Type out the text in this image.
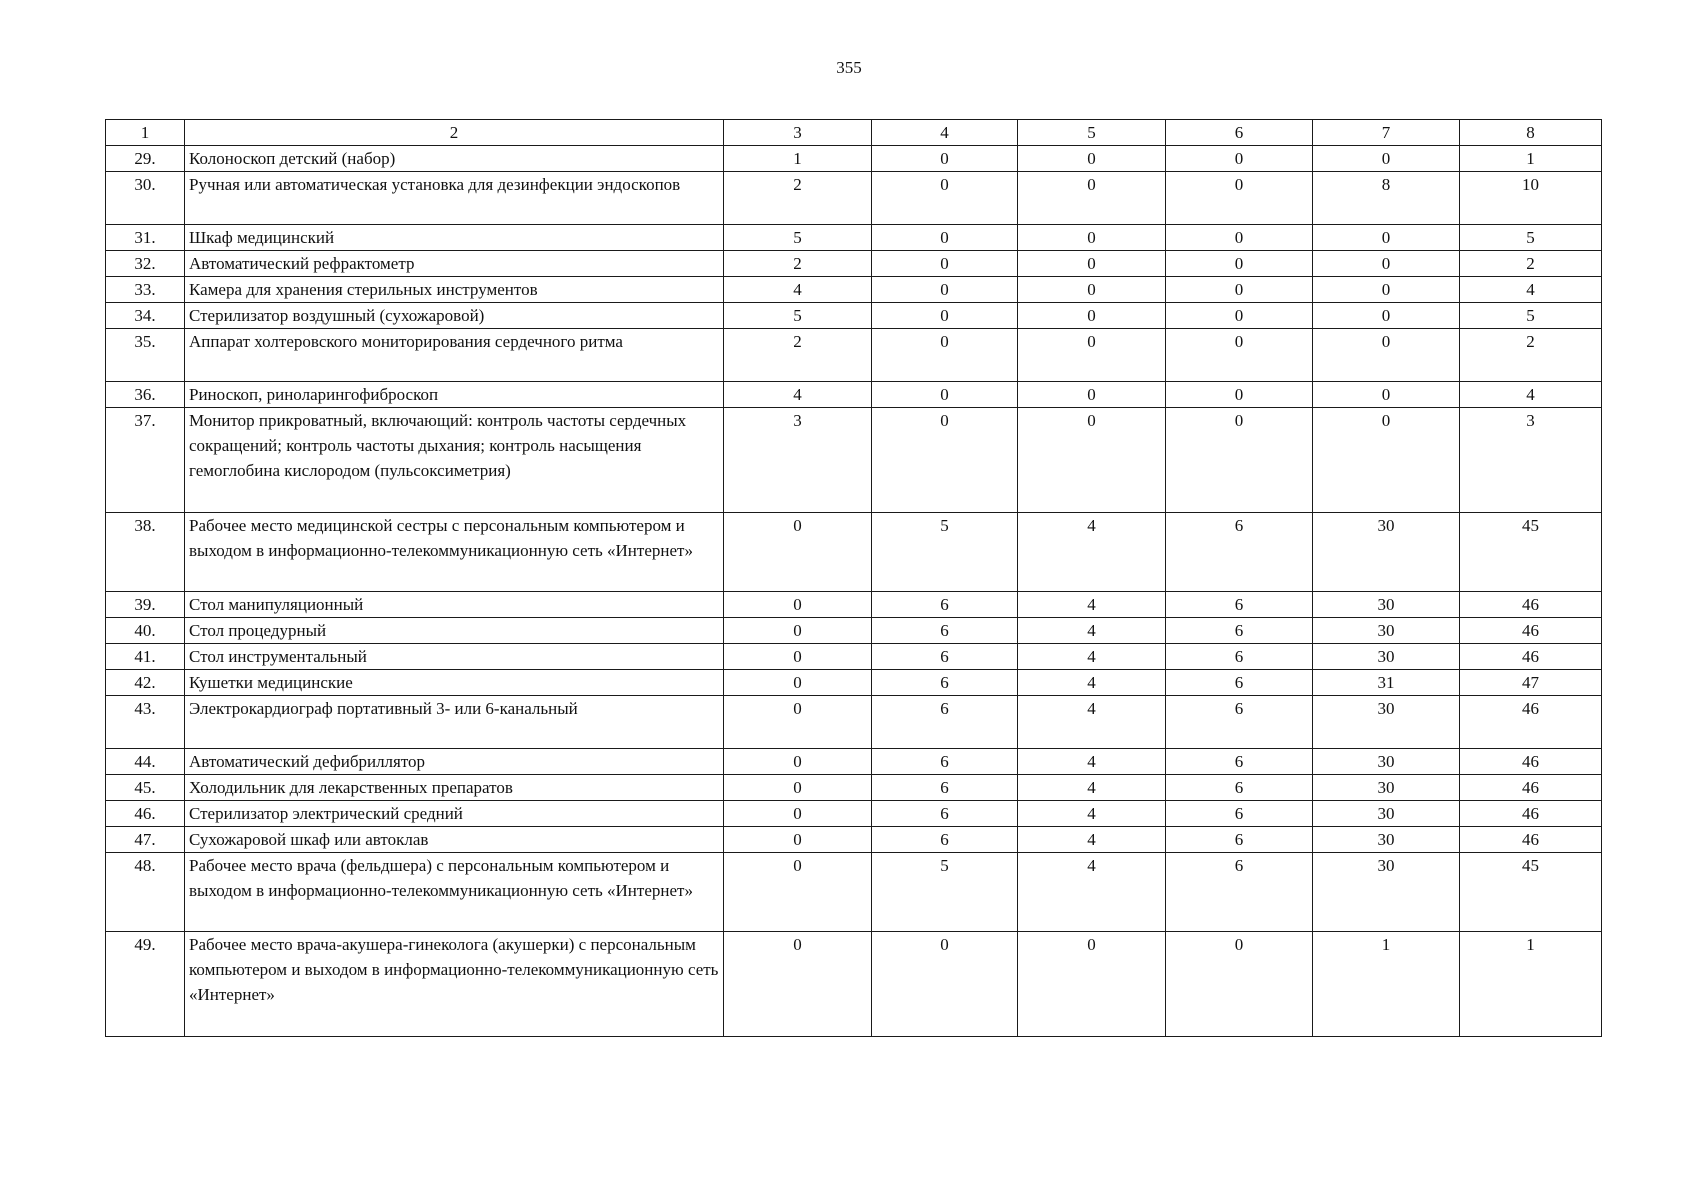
355
1	2	3	4	5	6	7	8
29.	Колоноскоп детский (набор)	1	0	0	0	0	1
30.	Ручная или автоматическая установка для дезинфекции эндоскопов	2	0	0	0	8	10
31.	Шкаф медицинский	5	0	0	0	0	5
32.	Автоматический рефрактометр	2	0	0	0	0	2
33.	Камера для хранения стерильных инструментов	4	0	0	0	0	4
34.	Стерилизатор воздушный (сухожаровой)	5	0	0	0	0	5
35.	Аппарат холтеровского мониторирования сердечного ритма	2	0	0	0	0	2
36.	Риноскоп, риноларингофиброскоп	4	0	0	0	0	4
37.	Монитор прикроватный, включающий: контроль частоты сердечных сокращений; контроль частоты дыхания; контроль насыщения гемоглобина кислородом (пульсоксиметрия)	3	0	0	0	0	3
38.	Рабочее место медицинской сестры с персональным компьютером и выходом в информационно-телекоммуникационную сеть «Интернет»	0	5	4	6	30	45
39.	Стол манипуляционный	0	6	4	6	30	46
40.	Стол процедурный	0	6	4	6	30	46
41.	Стол инструментальный	0	6	4	6	30	46
42.	Кушетки медицинские	0	6	4	6	31	47
43.	Электрокардиограф портативный 3- или 6-канальный	0	6	4	6	30	46
44.	Автоматический дефибриллятор	0	6	4	6	30	46
45.	Холодильник для лекарственных препаратов	0	6	4	6	30	46
46.	Стерилизатор электрический средний	0	6	4	6	30	46
47.	Сухожаровой шкаф или автоклав	0	6	4	6	30	46
48.	Рабочее место врача (фельдшера) с персональным компьютером и выходом в информационно-телекоммуникационную сеть «Интернет»	0	5	4	6	30	45
49.	Рабочее место врача-акушера-гинеколога (акушерки) с персональным компьютером и выходом в информационно-телекоммуникационную сеть «Интернет»	0	0	0	0	1	1
